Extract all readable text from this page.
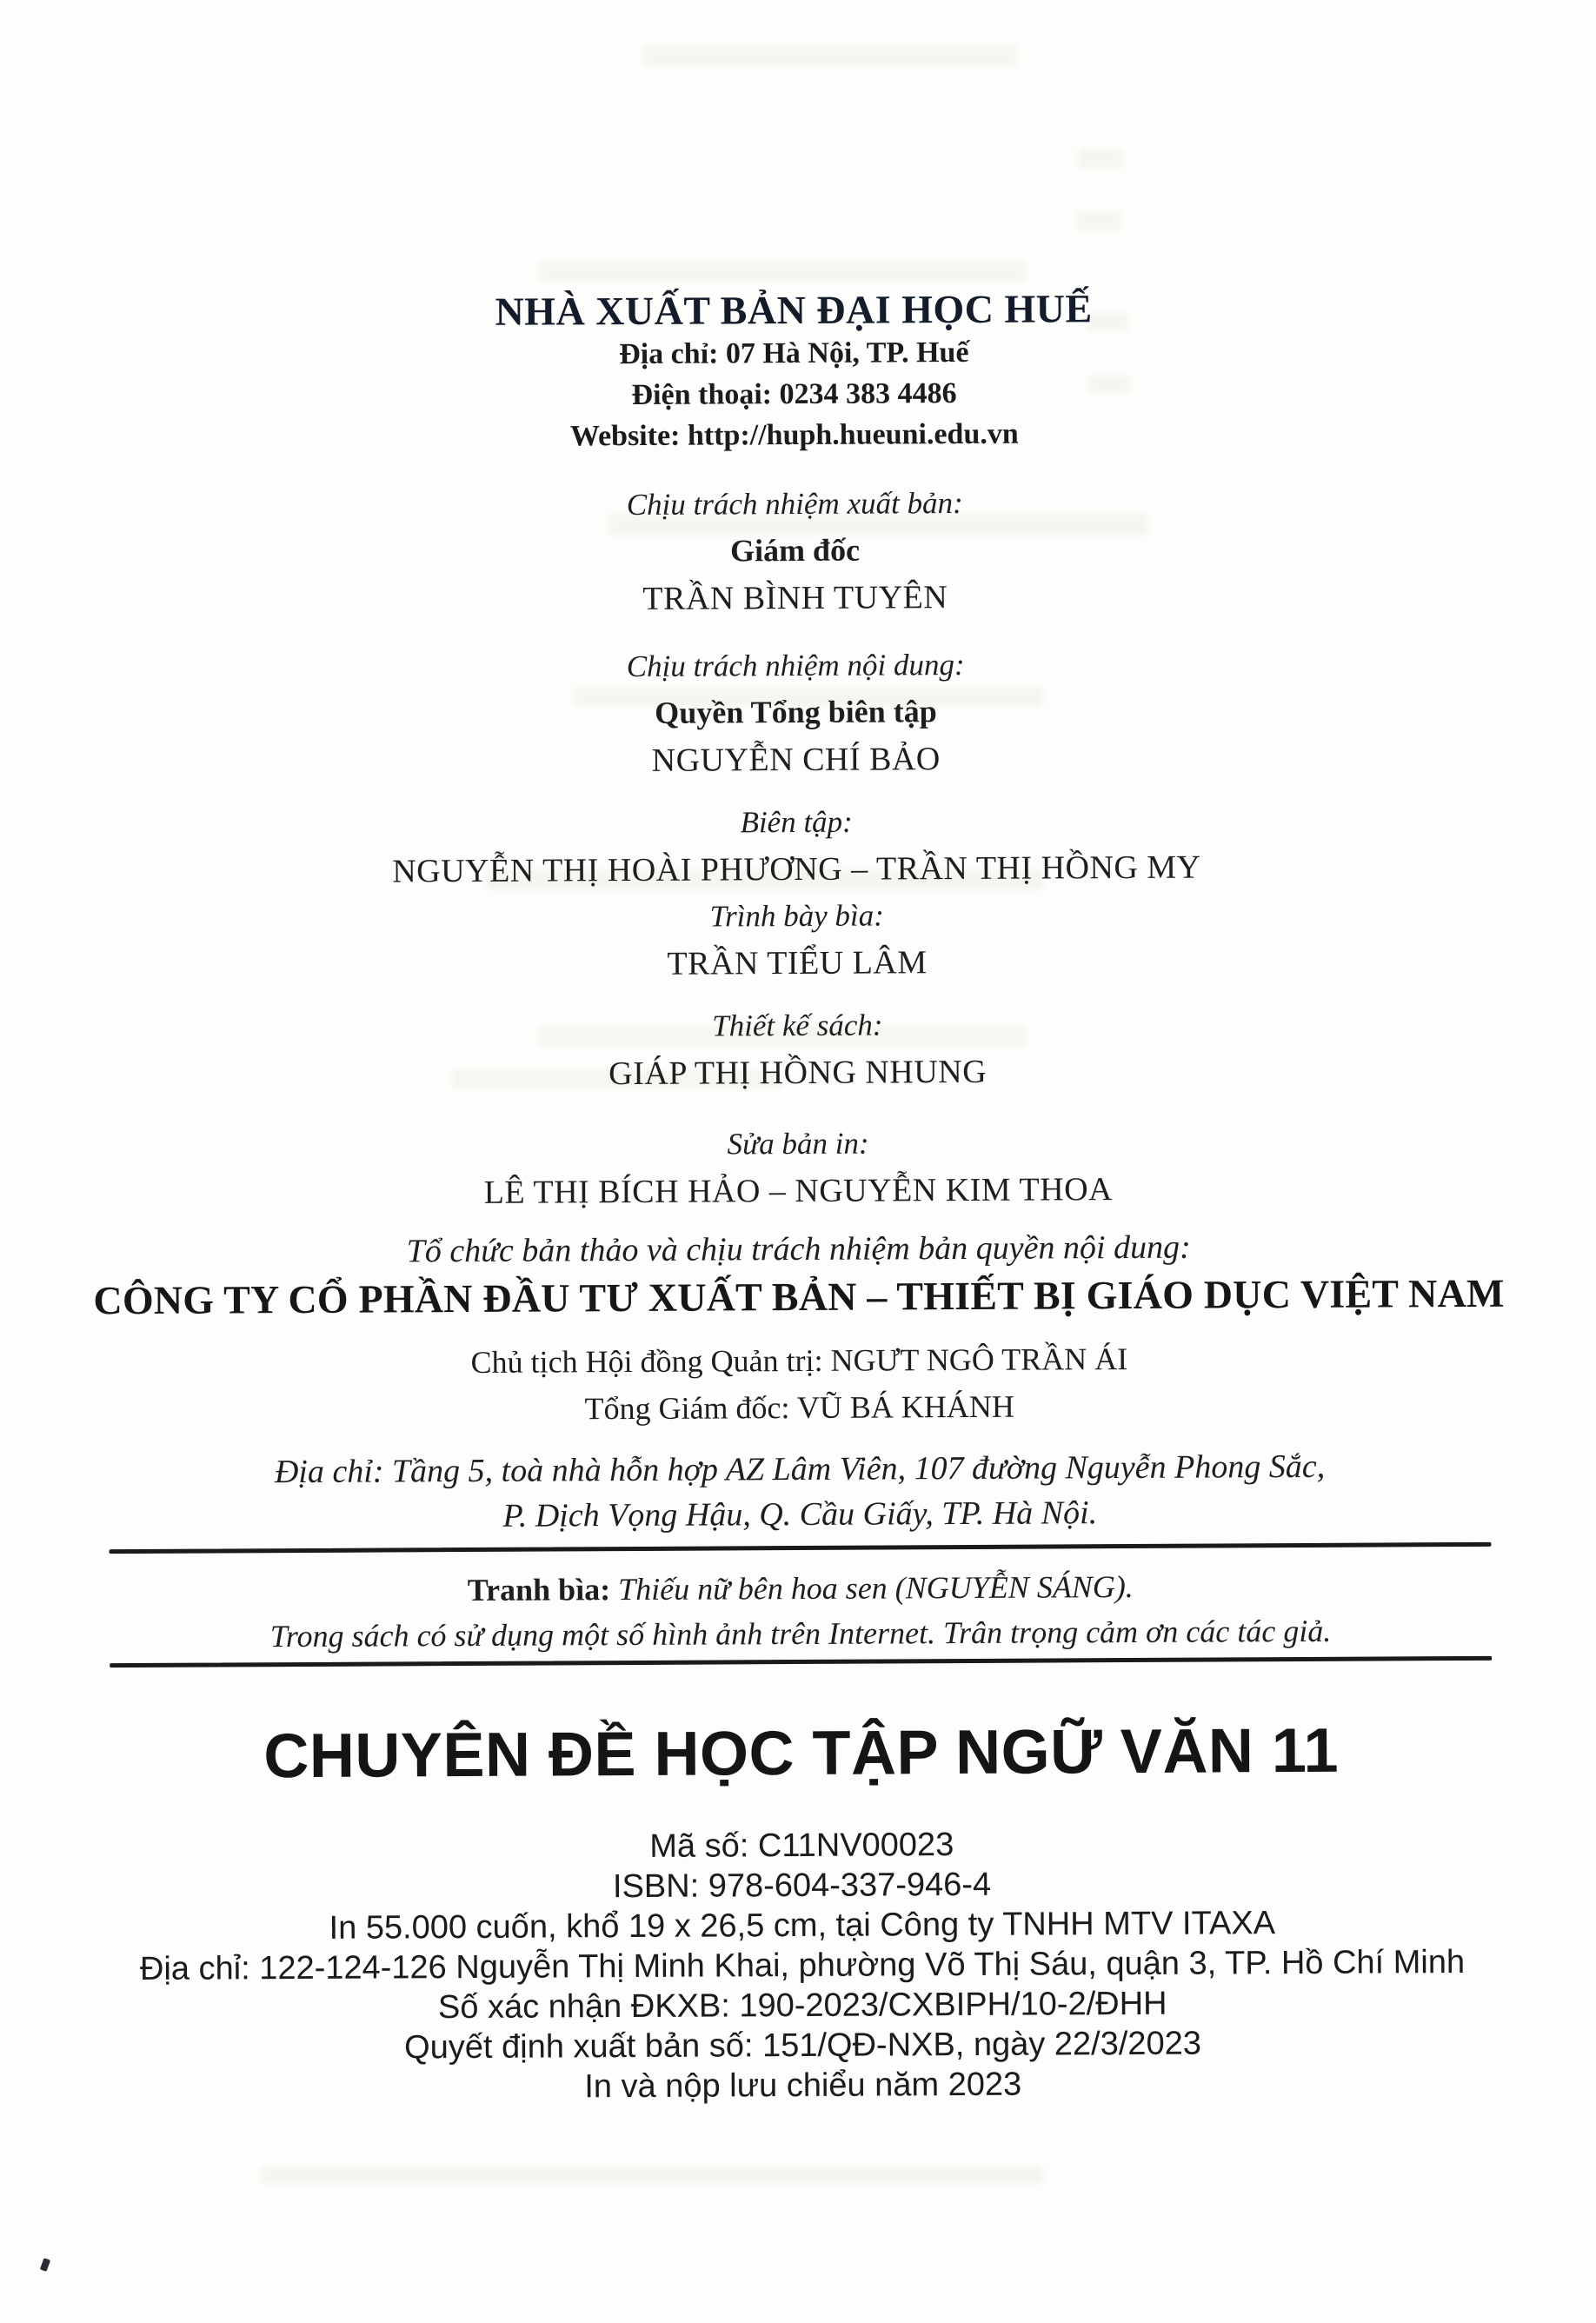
NHÀ XUẤT BẢN ĐẠI HỌC HUẾ
Địa chỉ: 07 Hà Nội, TP. Huế
Điện thoại: 0234 383 4486
Website: http://huph.hueuni.edu.vn
Chịu trách nhiệm xuất bản:
Giám đốc
TRẦN BÌNH TUYÊN
Chịu trách nhiệm nội dung:
Quyền Tổng biên tập
NGUYỄN CHÍ BẢO
Biên tập:
NGUYỄN THỊ HOÀI PHƯƠNG – TRẦN THỊ HỒNG MY
Trình bày bìa:
TRẦN TIỂU LÂM
Thiết kế sách:
GIÁP THỊ HỒNG NHUNG
Sửa bản in:
LÊ THỊ BÍCH HẢO – NGUYỄN KIM THOA
Tổ chức bản thảo và chịu trách nhiệm bản quyền nội dung:
CÔNG TY CỔ PHẦN ĐẦU TƯ XUẤT BẢN – THIẾT BỊ GIÁO DỤC VIỆT NAM
Chủ tịch Hội đồng Quản trị: NGƯT NGÔ TRẦN ÁI
Tổng Giám đốc: VŨ BÁ KHÁNH
Địa chỉ: Tầng 5, toà nhà hỗn hợp AZ Lâm Viên, 107 đường Nguyễn Phong Sắc,
P. Dịch Vọng Hậu, Q. Cầu Giấy, TP. Hà Nội.
Tranh bìa: Thiếu nữ bên hoa sen (NGUYỄN SÁNG).
Trong sách có sử dụng một số hình ảnh trên Internet. Trân trọng cảm ơn các tác giả.
CHUYÊN ĐỀ HỌC TẬP NGỮ VĂN 11
Mã số: C11NV00023
ISBN: 978-604-337-946-4
In 55.000 cuốn, khổ 19 x 26,5 cm, tại Công ty TNHH MTV ITAXA
Địa chỉ: 122-124-126 Nguyễn Thị Minh Khai, phường Võ Thị Sáu, quận 3, TP. Hồ Chí Minh
Số xác nhận ĐKXB: 190-2023/CXBIPH/10-2/ĐHH
Quyết định xuất bản số: 151/QĐ-NXB, ngày 22/3/2023
In và nộp lưu chiểu năm 2023
